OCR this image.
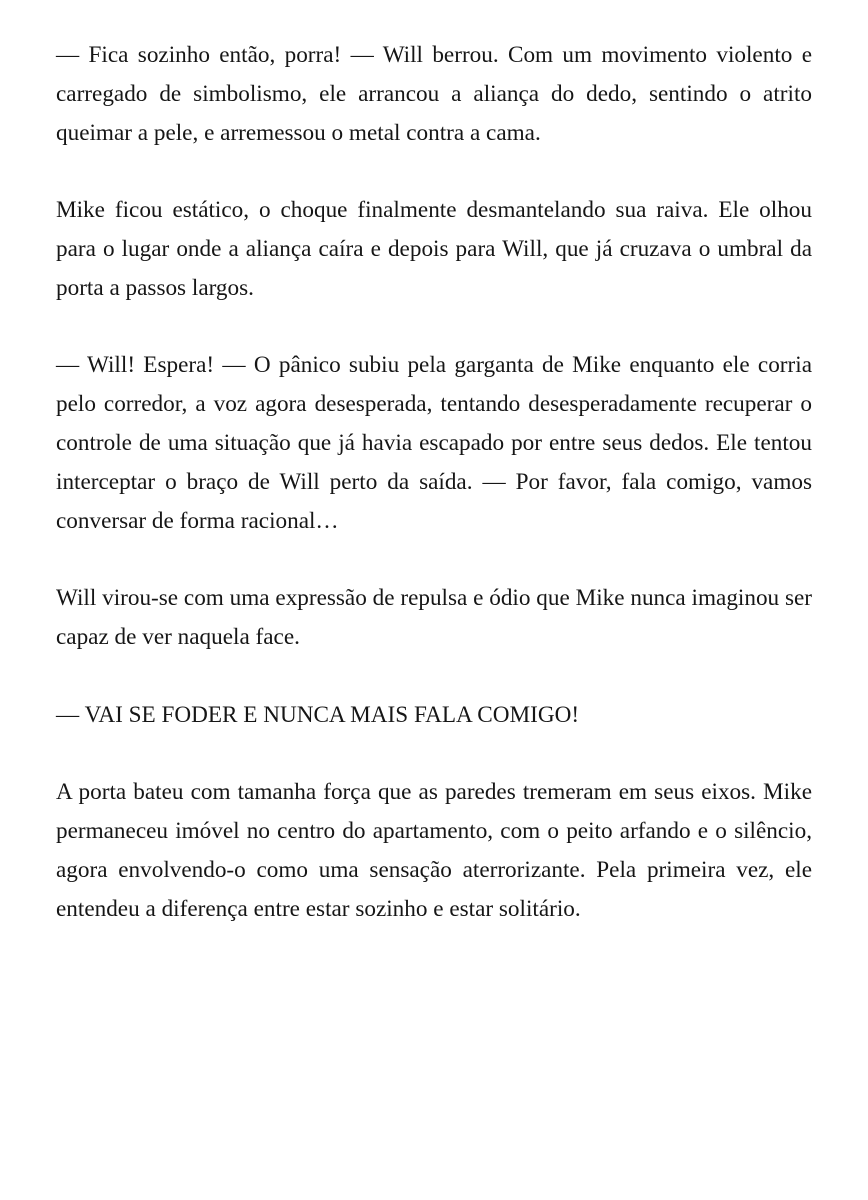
— Fica sozinho então, porra! — Will berrou. Com um movimento violento e carregado de simbolismo, ele arrancou a aliança do dedo, sentindo o atrito queimar a pele, e arremessou o metal contra a cama.

Mike ficou estático, o choque finalmente desmantelando sua raiva. Ele olhou para o lugar onde a aliança caíra e depois para Will, que já cruzava o umbral da porta a passos largos.

— Will! Espera! — O pânico subiu pela garganta de Mike enquanto ele corria pelo corredor, a voz agora desesperada, tentando desesperadamente recuperar o controle de uma situação que já havia escapado por entre seus dedos. Ele tentou interceptar o braço de Will perto da saída. — Por favor, fala comigo, vamos conversar de forma racional…

Will virou-se com uma expressão de repulsa e ódio que Mike nunca imaginou ser capaz de ver naquela face.

— VAI SE FODER E NUNCA MAIS FALA COMIGO!

A porta bateu com tamanha força que as paredes tremeram em seus eixos. Mike permaneceu imóvel no centro do apartamento, com o peito arfando e o silêncio, agora envolvendo-o como uma sensação aterrorizante. Pela primeira vez, ele entendeu a diferença entre estar sozinho e estar solitário.
